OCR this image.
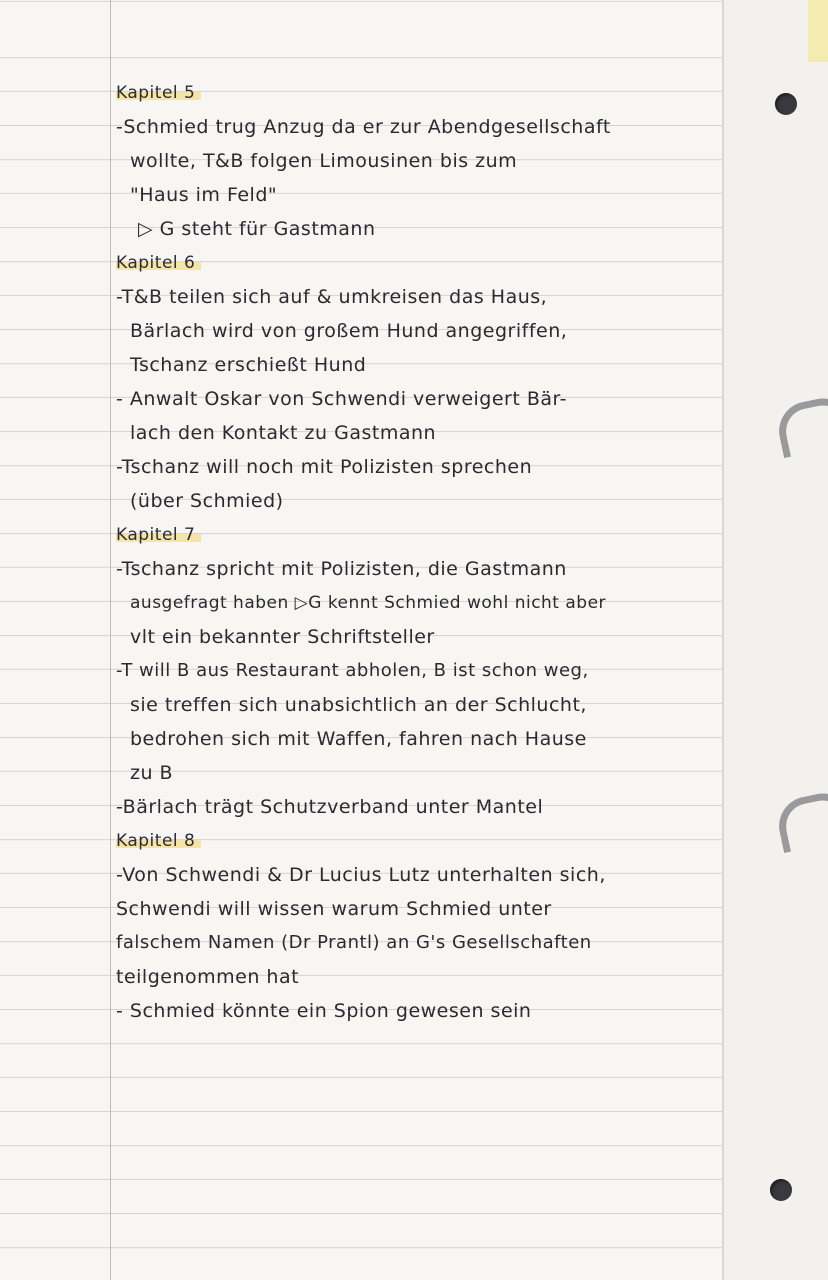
Kapitel 5
-Schmied trug Anzug da er zur Abendgesellschaft
wollte, T&B folgen Limousinen bis zum
"Haus im Feld"
▷ G steht für Gastmann
Kapitel 6
-T&B teilen sich auf & umkreisen das Haus,
Bärlach wird von großem Hund angegriffen,
Tschanz erschießt Hund
- Anwalt Oskar von Schwendi verweigert Bär-
lach den Kontakt zu Gastmann
-Tschanz will noch mit Polizisten sprechen
(über Schmied)
Kapitel 7
-Tschanz spricht mit Polizisten, die Gastmann
ausgefragt haben ▷G kennt Schmied wohl nicht aber
vlt ein bekannter Schriftsteller
-T will B aus Restaurant abholen, B ist schon weg,
sie treffen sich unabsichtlich an der Schlucht,
bedrohen sich mit Waffen, fahren nach Hause
zu B
-Bärlach trägt Schutzverband unter Mantel
Kapitel 8
-Von Schwendi & Dr Lucius Lutz unterhalten sich,
Schwendi will wissen warum Schmied unter
falschem Namen (Dr Prantl) an G's Gesellschaften
teilgenommen hat
- Schmied könnte ein Spion gewesen sein
